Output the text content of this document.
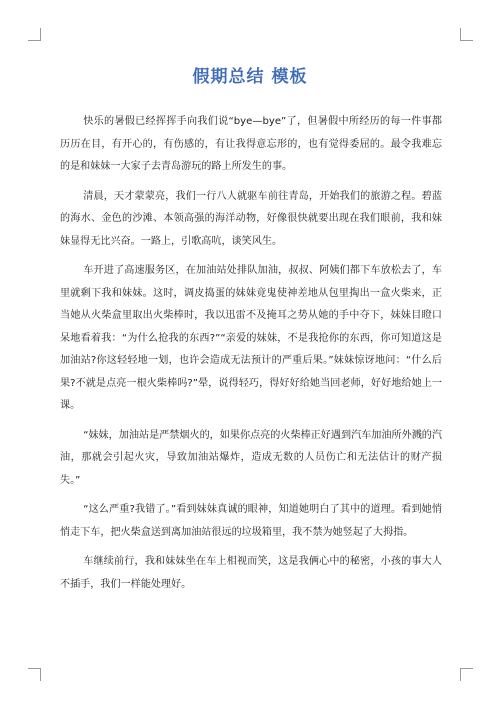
假期总结 模板

快乐的暑假已经挥挥手向我们说“bye—bye”了，但暑假中所经历的每一件事都历历在目，有开心的，有伤感的，有让我得意忘形的，也有觉得委屈的。最令我难忘的是和妹妹一大家子去青岛游玩的路上所发生的事。

清晨，天才蒙蒙亮，我们一行八人就驱车前往青岛，开始我们的旅游之程。碧蓝的海水、金色的沙滩、本领高强的海洋动物，好像很快就要出现在我们眼前，我和妹妹显得无比兴奋。一路上，引歌高吭，谈笑风生。

车开进了高速服务区，在加油站处排队加油，叔叔、阿姨们都下车放松去了，车里就剩下我和妹妹。这时，调皮捣蛋的妹妹竟鬼使神差地从包里掏出一盒火柴来，正当她从火柴盒里取出火柴棒时，我以迅雷不及掩耳之势从她的手中夺下，妹妹目瞪口呆地看着我：“为什么抢我的东西?”“亲爱的妹妹，不是我抢你的东西，你可知道这是加油站?你这轻轻地一划，也许会造成无法预计的严重后果。”妹妹惊讶地问：“什么后果?不就是点亮一根火柴棒吗?”晕，说得轻巧，得好好给她当回老师，好好地给她上一课。

“妹妹，加油站是严禁烟火的，如果你点亮的火柴棒正好遇到汽车加油所外溅的汽油，那就会引起火灾，导致加油站爆炸，造成无数的人员伤亡和无法估计的财产损失。”

“这么严重?我错了。”看到妹妹真诚的眼神，知道她明白了其中的道理。看到她悄悄走下车，把火柴盒送到离加油站很远的垃圾箱里，我不禁为她竖起了大拇指。

车继续前行，我和妹妹坐在车上相视而笑，这是我俩心中的秘密，小孩的事大人不插手，我们一样能处理好。
